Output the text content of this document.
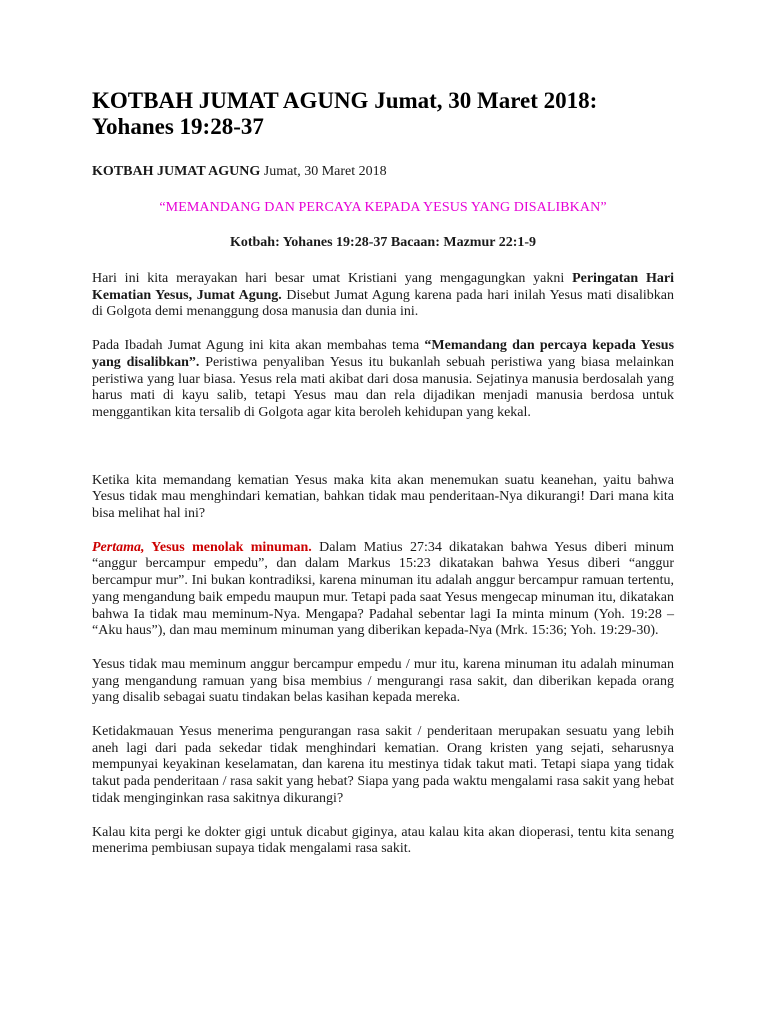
KOTBAH JUMAT AGUNG Jumat, 30 Maret 2018: Yohanes 19:28-37
KOTBAH JUMAT AGUNG Jumat, 30 Maret 2018
“MEMANDANG DAN PERCAYA KEPADA YESUS YANG DISALIBKAN”
Kotbah: Yohanes 19:28-37 Bacaan: Mazmur 22:1-9

Hari ini kita merayakan hari besar umat Kristiani yang mengagungkan yakni Peringatan Hari Kematian Yesus, Jumat Agung. Disebut Jumat Agung karena pada hari inilah Yesus mati disalibkan di Golgota demi menanggung dosa manusia dan dunia ini.

Pada Ibadah Jumat Agung ini kita akan membahas tema “Memandang dan percaya kepada Yesus yang disalibkan”. Peristiwa penyaliban Yesus itu bukanlah sebuah peristiwa yang biasa melainkan peristiwa yang luar biasa. Yesus rela mati akibat dari dosa manusia. Sejatinya manusia berdosalah yang harus mati di kayu salib, tetapi Yesus mau dan rela dijadikan menjadi manusia berdosa untuk menggantikan kita tersalib di Golgota agar kita beroleh kehidupan yang kekal.

Ketika kita memandang kematian Yesus maka kita akan menemukan suatu keanehan, yaitu bahwa Yesus tidak mau menghindari kematian, bahkan tidak mau penderitaan-Nya dikurangi! Dari mana kita bisa melihat hal ini?

Pertama, Yesus menolak minuman. Dalam Matius 27:34 dikatakan bahwa Yesus diberi minum “anggur bercampur empedu”, dan dalam Markus 15:23 dikatakan bahwa Yesus diberi “anggur bercampur mur”. Ini bukan kontradiksi, karena minuman itu adalah anggur bercampur ramuan tertentu, yang mengandung baik empedu maupun mur. Tetapi pada saat Yesus mengecap minuman itu, dikatakan bahwa Ia tidak mau meminum-Nya. Mengapa? Padahal sebentar lagi Ia minta minum (Yoh. 19:28 – “Aku haus”), dan mau meminum minuman yang diberikan kepada-Nya (Mrk. 15:36; Yoh. 19:29-30).

Yesus tidak mau meminum anggur bercampur empedu / mur itu, karena minuman itu adalah minuman yang mengandung ramuan yang bisa membius / mengurangi rasa sakit, dan diberikan kepada orang yang disalib sebagai suatu tindakan belas kasihan kepada mereka.

Ketidakmauan Yesus menerima pengurangan rasa sakit / penderitaan merupakan sesuatu yang lebih aneh lagi dari pada sekedar tidak menghindari kematian. Orang kristen yang sejati, seharusnya mempunyai keyakinan keselamatan, dan karena itu mestinya tidak takut mati. Tetapi siapa yang tidak takut pada penderitaan / rasa sakit yang hebat? Siapa yang pada waktu mengalami rasa sakit yang hebat tidak menginginkan rasa sakitnya dikurangi?

Kalau kita pergi ke dokter gigi untuk dicabut giginya, atau kalau kita akan dioperasi, tentu kita senang menerima pembiusan supaya tidak mengalami rasa sakit.
